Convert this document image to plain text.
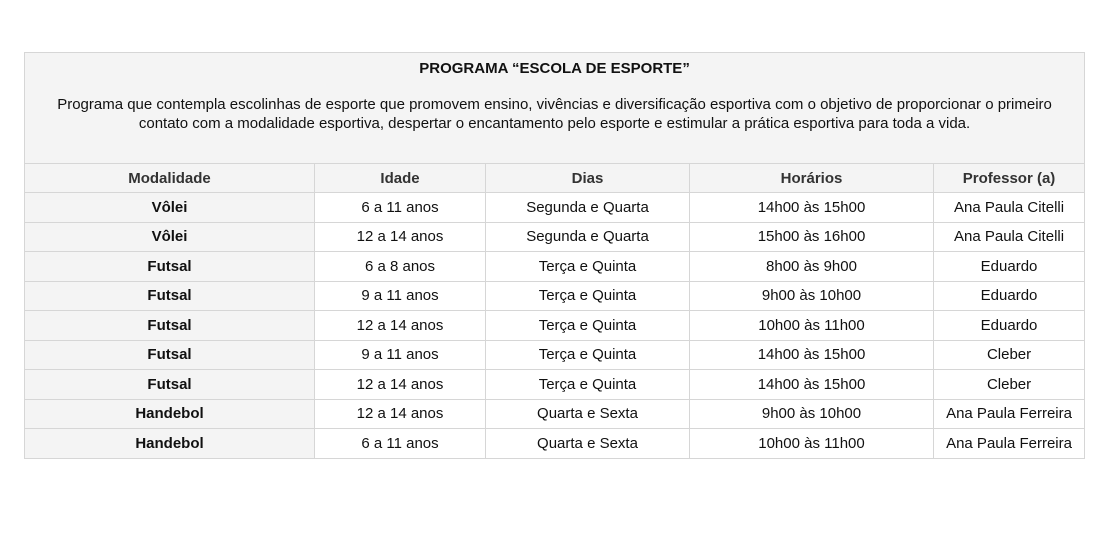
PROGRAMA “ESCOLA DE ESPORTE”
Programa que contempla escolinhas de esporte que promovem ensino, vivências e diversificação esportiva com o objetivo de proporcionar o primeiro contato com a modalidade esportiva, despertar o encantamento pelo esporte e estimular a prática esportiva para toda a vida.				

Modalidade	Idade	Dias	Horários	Professor (a)
Vôlei	6 a 11 anos	Segunda e Quarta	14h00 às 15h00	Ana Paula Citelli
Vôlei	12 a 14 anos	Segunda e Quarta	15h00 às 16h00	Ana Paula Citelli
Futsal	6 a 8 anos	Terça e Quinta	8h00 às 9h00	Eduardo
Futsal	9 a 11 anos	Terça e Quinta	9h00 às 10h00	Eduardo
Futsal	12 a 14 anos	Terça e Quinta	10h00 às 11h00	Eduardo
Futsal	9 a 11 anos	Terça e Quinta	14h00 às 15h00	Cleber
Futsal	12 a 14 anos	Terça e Quinta	14h00 às 15h00	Cleber
Handebol	12 a 14 anos	Quarta e Sexta	9h00 às 10h00	Ana Paula Ferreira
Handebol	6 a 11 anos	Quarta e Sexta	10h00 às 11h00	Ana Paula Ferreira
